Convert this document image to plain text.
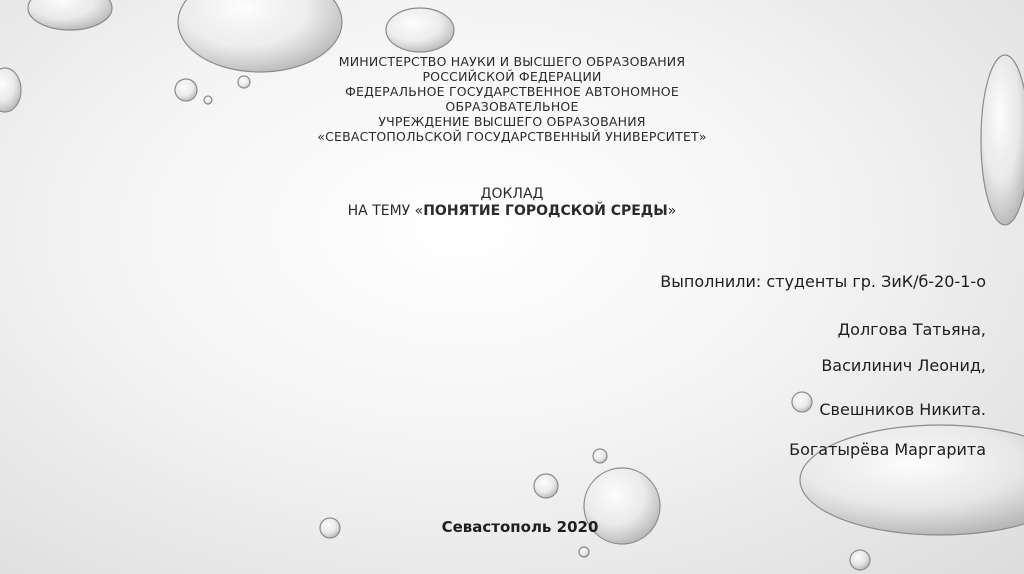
МИНИСТЕРСТВО НАУКИ И ВЫСШЕГО ОБРАЗОВАНИЯ
РОССИЙСКОЙ ФЕДЕРАЦИИ
ФЕДЕРАЛЬНОЕ ГОСУДАРСТВЕННОЕ АВТОНОМНОЕ
ОБРАЗОВАТЕЛЬНОЕ
УЧРЕЖДЕНИЕ ВЫСШЕГО ОБРАЗОВАНИЯ
«СЕВАСТОПОЛЬСКОЙ ГОСУДАРСТВЕННЫЙ УНИВЕРСИТЕТ»
ДОКЛАД
НА ТЕМУ «ПОНЯТИЕ ГОРОДСКОЙ СРЕДЫ»
Выполнили: студенты гр. ЗиК/б-20-1-о
Долгова Татьяна,
Василинич Леонид,
Свешников Никита.
Богатырёва Маргарита
Севастополь 2020
